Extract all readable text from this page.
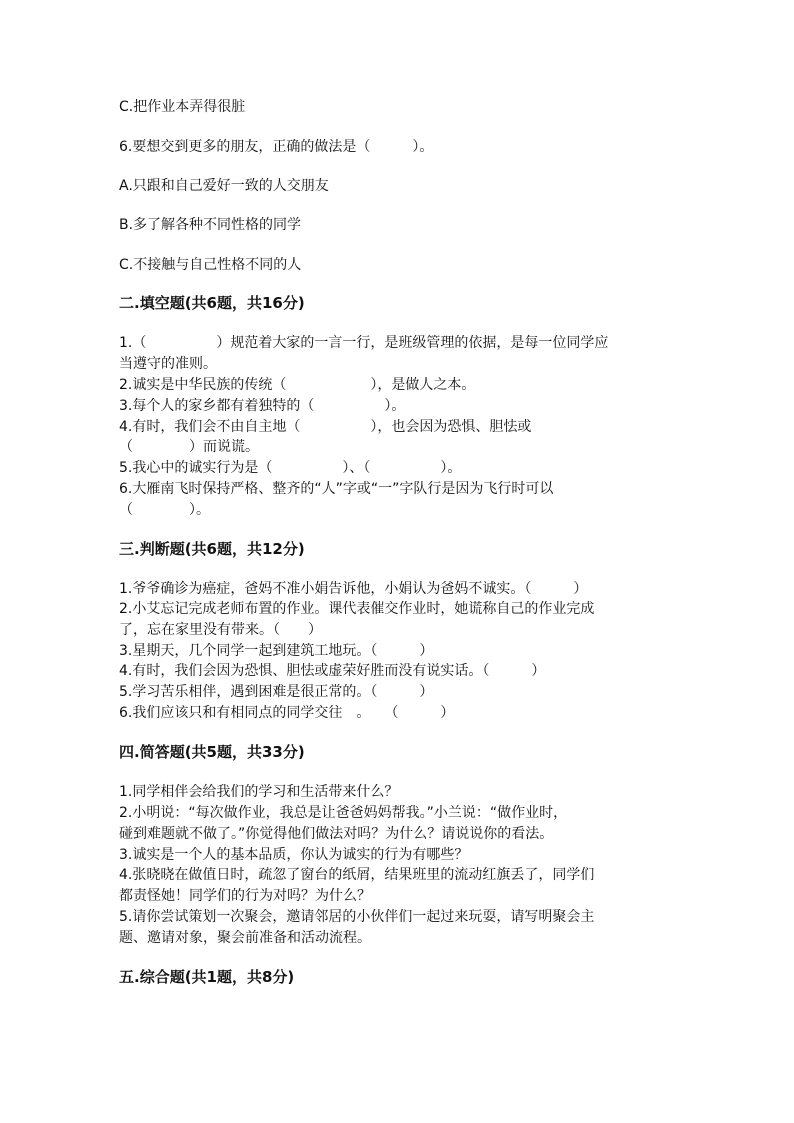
C.把作业本弄得很脏

6.要想交到更多的朋友，正确的做法是（　　　）。

A.只跟和自己爱好一致的人交朋友

B.多了解各种不同性格的同学

C.不接触与自己性格不同的人

二.填空题(共6题，共16分)

1.（　　　　　）规范着大家的一言一行，是班级管理的依据，是每一位同学应

当遵守的准则。

2.诚实是中华民族的传统（　　　　　　），是做人之本。

3.每个人的家乡都有着独特的（　　　　　）。

4.有时，我们会不由自主地（　　　　　），也会因为恐惧、胆怯或

（　　　　）而说谎。

5.我心中的诚实行为是（　　　　　）、（　　　　　）。

6.大雁南飞时保持严格、整齐的“人”字或“一”字队行是因为飞行时可以

（　　　　）。

三.判断题(共6题，共12分)

1.爷爷确诊为癌症，爸妈不准小娟告诉他，小娟认为爸妈不诚实。（　　　）

2.小艾忘记完成老师布置的作业。课代表催交作业时，她谎称自己的作业完成

了，忘在家里没有带来。（　　）

3.星期天，几个同学一起到建筑工地玩。（　　　）

4.有时，我们会因为恐惧、胆怯或虚荣好胜而没有说实话。（　　　）

5.学习苦乐相伴，遇到困难是很正常的。（　　　）

6.我们应该只和有相同点的同学交往　。　　（　　　）

四.简答题(共5题，共33分)

1.同学相伴会给我们的学习和生活带来什么？

2.小明说：“每次做作业，我总是让爸爸妈妈帮我。”小兰说：“做作业时，

碰到难题就不做了。”你觉得他们做法对吗？为什么？请说说你的看法。

3.诚实是一个人的基本品质，你认为诚实的行为有哪些？

4.张晓晓在做值日时，疏忽了窗台的纸屑，结果班里的流动红旗丢了，同学们

都责怪她！同学们的行为对吗？为什么？

5.请你尝试策划一次聚会，邀请邻居的小伙伴们一起过来玩耍，请写明聚会主

题、邀请对象，聚会前准备和活动流程。

五.综合题(共1题，共8分)
